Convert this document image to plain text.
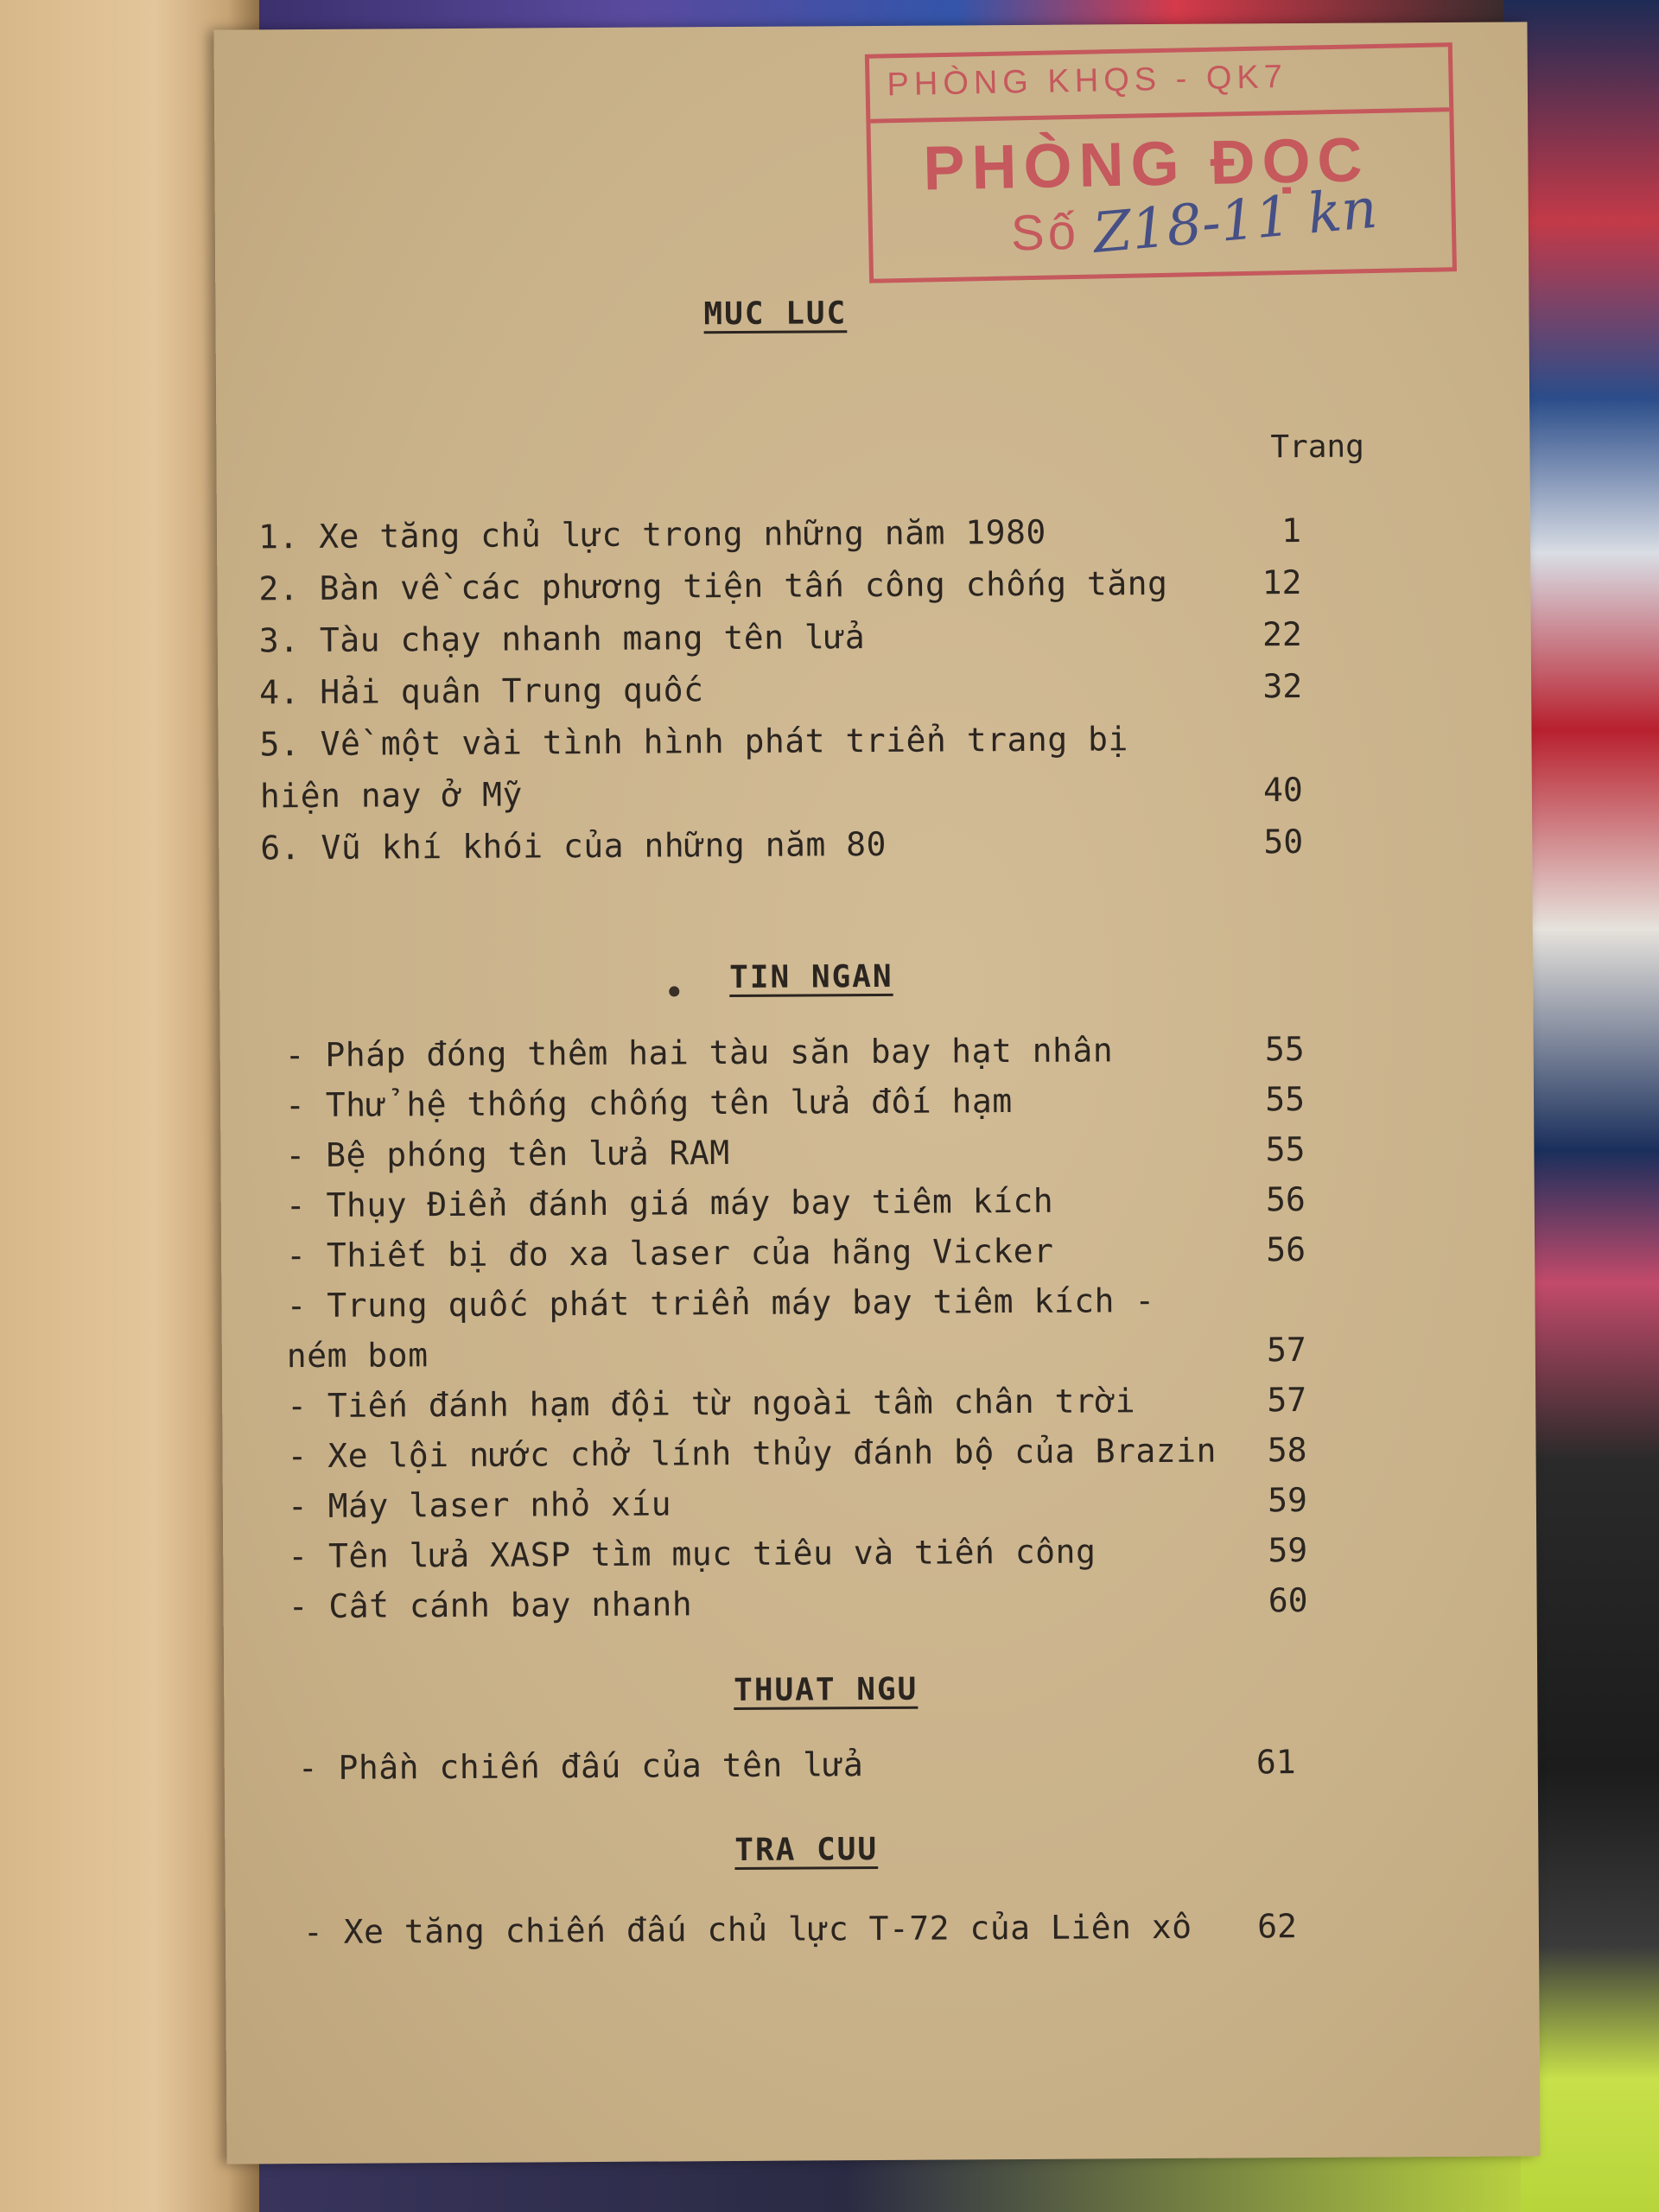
PHÒNG KHQS - QK7
PHÒNG ĐỌC
Số Z18-11 kn
MUC LUC
Trang
1. Xe tăng chủ lực trong những năm 1980	1
2. Bàn về các phương tiện tấn công chống tăng	12
3. Tàu chạy nhanh mang tên lửa	22
4. Hải quân Trung quốc	32
5. Về một vài tình hình phát triển trang bị
hiện nay ở Mỹ	40
6. Vũ khí khói của những năm 80	50
TIN NGAN
- Pháp đóng thêm hai tàu săn bay hạt nhân	55
- Thử hệ thống chống tên lửa đối hạm	55
- Bệ phóng tên lửa RAM	55
- Thụy Điển đánh giá máy bay tiêm kích	56
- Thiết bị đo xa laser của hãng Vicker	56
- Trung quốc phát triển máy bay tiêm kích -
ném bom	57
- Tiến đánh hạm đội từ ngoài tầm chân trời	57
- Xe lội nước chở lính thủy đánh bộ của Brazin	58
- Máy laser nhỏ xíu	59
- Tên lửa XASP tìm mục tiêu và tiến công	59
- Cất cánh bay nhanh	60
THUAT NGU
- Phần chiến đấu của tên lửa	61
TRA CUU
- Xe tăng chiến đấu chủ lực T-72 của Liên xô	62
